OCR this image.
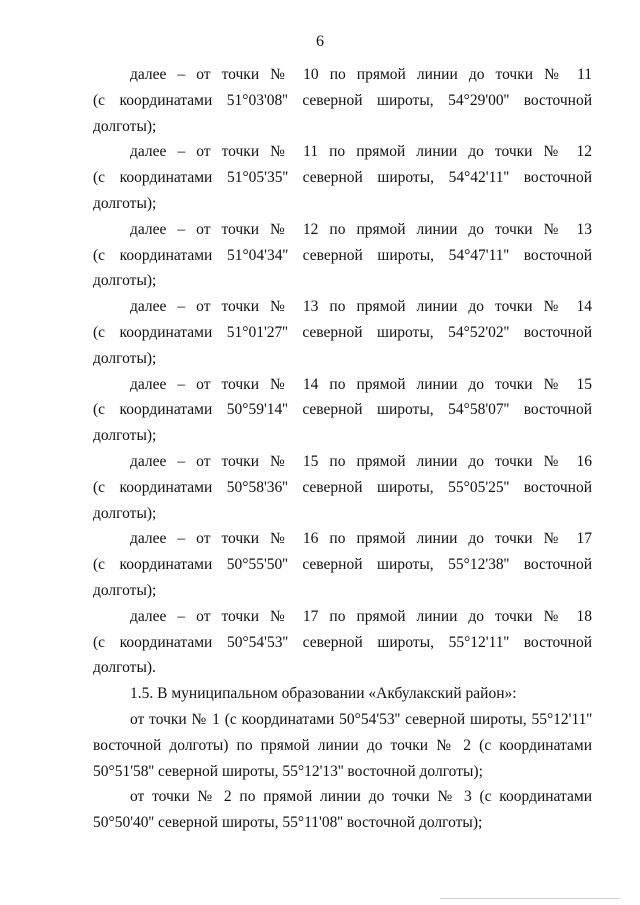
6
далее – от точки № 10 по прямой линии до точки № 11
(с координатами 51°03'08'' северной широты, 54°29'00'' восточной
долготы);
далее – от точки № 11 по прямой линии до точки № 12
(с координатами 51°05'35'' северной широты, 54°42'11'' восточной
долготы);
далее – от точки № 12 по прямой линии до точки № 13
(с координатами 51°04'34'' северной широты, 54°47'11'' восточной
долготы);
далее – от точки № 13 по прямой линии до точки № 14
(с координатами 51°01'27'' северной широты, 54°52'02'' восточной
долготы);
далее – от точки № 14 по прямой линии до точки № 15
(с координатами 50°59'14'' северной широты, 54°58'07'' восточной
долготы);
далее – от точки № 15 по прямой линии до точки № 16
(с координатами 50°58'36'' северной широты, 55°05'25'' восточной
долготы);
далее – от точки № 16 по прямой линии до точки № 17
(с координатами 50°55'50'' северной широты, 55°12'38'' восточной
долготы);
далее – от точки № 17 по прямой линии до точки № 18
(с координатами 50°54'53'' северной широты, 55°12'11'' восточной
долготы).

1.5. В муниципальном образовании «Акбулакский район»:

от точки № 1 (с координатами 50°54'53'' северной широты, 55°12'11''
восточной долготы) по прямой линии до точки № 2 (с координатами
50°51'58'' северной широты, 55°12'13'' восточной долготы);
от точки № 2 по прямой линии до точки № 3 (с координатами
50°50'40'' северной широты, 55°11'08'' восточной долготы);
